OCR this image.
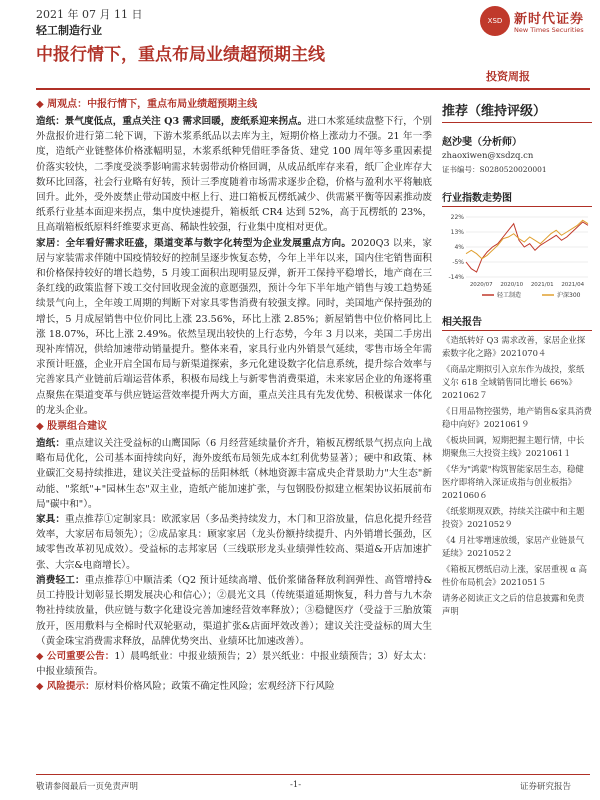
2021 年 07 月 11 日
轻工制造行业
XSD 新时代证券
New Times Securities
中报行情下，重点布局业绩超预期主线
投资周报
◆ 周观点：中报行情下，重点布局业绩超预期主线

造纸：景气度低点，重点关注 Q3 需求回暖，废纸系迎来拐点。进口木浆延续盘整下行，个别外盘报价进行第二轮下调，下游木浆系纸品以去库为主，短期价格上涨动力不强。21 年一季度，造纸产业链整体价格涨幅明显，木浆系纸种凭借旺季备货、建党 100 周年等多重因素提价落实较快，二季度受淡季影响需求转弱带动价格回调，从成品纸库存来看，纸厂企业库存大数环比回落，社会行业略有好转，预计三季度随着市场需求逐步企稳，价格与盈利水平将触底回升。此外，受外废禁止带动国废中枢上行、进口箱板瓦楞纸减少、供需紧平衡等因素推动废纸系行业基本面迎来拐点，集中度快速提升，箱板纸 CR4 达到 52%，高于瓦楞纸的 23%，且高端箱板纸原料纤维要求更高、稀缺性较强，行业集中度相对更优。

家居：全年看好需求旺盛，渠道变革与数字化转型为企业发展重点方向。2020Q3 以来，家居与家装需求伴随中国疫情较好的控制呈逐步恢复态势，今年上半年以来，国内住宅销售面积和价格保持较好的增长趋势，5 月竣工面积出现明显反弹，新开工保持平稳增长，地产商在三条红线的政策监督下竣工交付回收现金流的意愿强烈，预计今年下半年地产销售与竣工趋势延续景气向上，全年竣工周期的判断下对家具零售消费有较强支撑。同时，美国地产保持强劲的增长，5 月成屋销售中位价同比上涨 23.56%，环比上涨 2.85%；新屋销售中位价格同比上涨 18.07%，环比上涨 2.49%。依然呈现出较快的上行态势，今年 3 月以来，美国二手房出现补库情况，供给加速带动销量提升。整体来看，家具行业内外销景气延续，零售市场全年需求预计旺盛，企业开启全国布局与新渠道探索，多元化建设数字化信息系统，提升综合效率与完善家具产业链前后端运营体系，积极布局线上与新零售消费渠道，未来家居企业的角逐将重点聚焦在渠道变革与供应链运营效率提升两大方面，重点关注具有先发优势、积极谋求一体化的龙头企业。

◆ 股票组合建议

造纸：重点建议关注受益标的山鹰国际（6 月经营延续量价齐升，箱板瓦楞纸景气拐点向上战略布局优化，公司基本面持续向好，海外废纸布局领先成本红利优势显著）；硬中和政策、林业碳汇交易持续推进，建议关注受益标的岳阳林纸（林地资源丰富成央企背景助力"大生态"新动能、"浆纸"+"园林生态"双主业，造纸产能加速扩张，与包钢股份拟建立框架协议拓展前布局"碳中和"）。

家具：重点推荐①定制家具：欧派家居（多品类持续发力，木门和卫浴放量，信息化提升经营效率，大家居布局领先）；②成品家具：顾家家居（龙头份额持续提升、内外销增长强劲，区域零售改革初见成效）。受益标的志邦家居（三线联形龙头业绩弹性较高、渠道&开店加速扩张、大宗&电商增长）。

消费轻工：重点推荐①中顺洁柔（Q2 预计延续高增、低价浆储备释放利润弹性、高管增持&员工持股计划彰显长期发展决心和信心）；②晨光文具（传统渠道延期恢复，科力普与九木杂物社持续放量，供应链与数字化建设完善加速经营效率释放）；③稳健医疗（受益于三胎放策放开，医用敷料与全棉时代双轮驱动，渠道扩张&店面坪效改善）；建议关注受益标的周大生（黄金珠宝消费需求释放，品牌优势突出、业绩环比加速改善）。

◆ 公司重要公告：1）晨鸣纸业：中报业绩预告；2）景兴纸业：中报业绩预告；3）好太太：中报业绩预告。

◆ 风险提示：原材料价格风险；政策不确定性风险；宏观经济下行风险

推荐（维持评级）
赵沙斐（分析师）
zhaoxiwen@xsdzq.cn
证书编号：S0280520020001
行业指数走势图
-14%
-5%
4%
13%
22%
2020/07 2020/10 2021/01 2021/04
轻工制造	沪深300
相关报告
《造纸转好 Q3 需求改善，家居企业探索数字化之路》2021070４
《商品定期拟引入京东作为战投，浆纸义尔 618 全域销售同比增长 66%》2021062７
《日用品物控强势，地产销售&家具消费稳中向好》2021061９
《板块回调，短期把握主题行情，中长期聚焦三大投资主线》2021061１
《华为"鸿蒙"构筑智能家居生态，稳健医疗即将纳入深证成指与创业板指》2021060６
《纸浆期现双跌，持续关注碳中和主题投资》2021052９
《4 月社零增速放缓，家居产业链景气延续》2021052２
《箱板瓦楞纸启动上涨，家居重视 α 高性价布局机会》2021051５
请务必阅读正文之后的信息披露和免责声明
敬请参阅最后一页免责声明	-1-	证券研究报告
